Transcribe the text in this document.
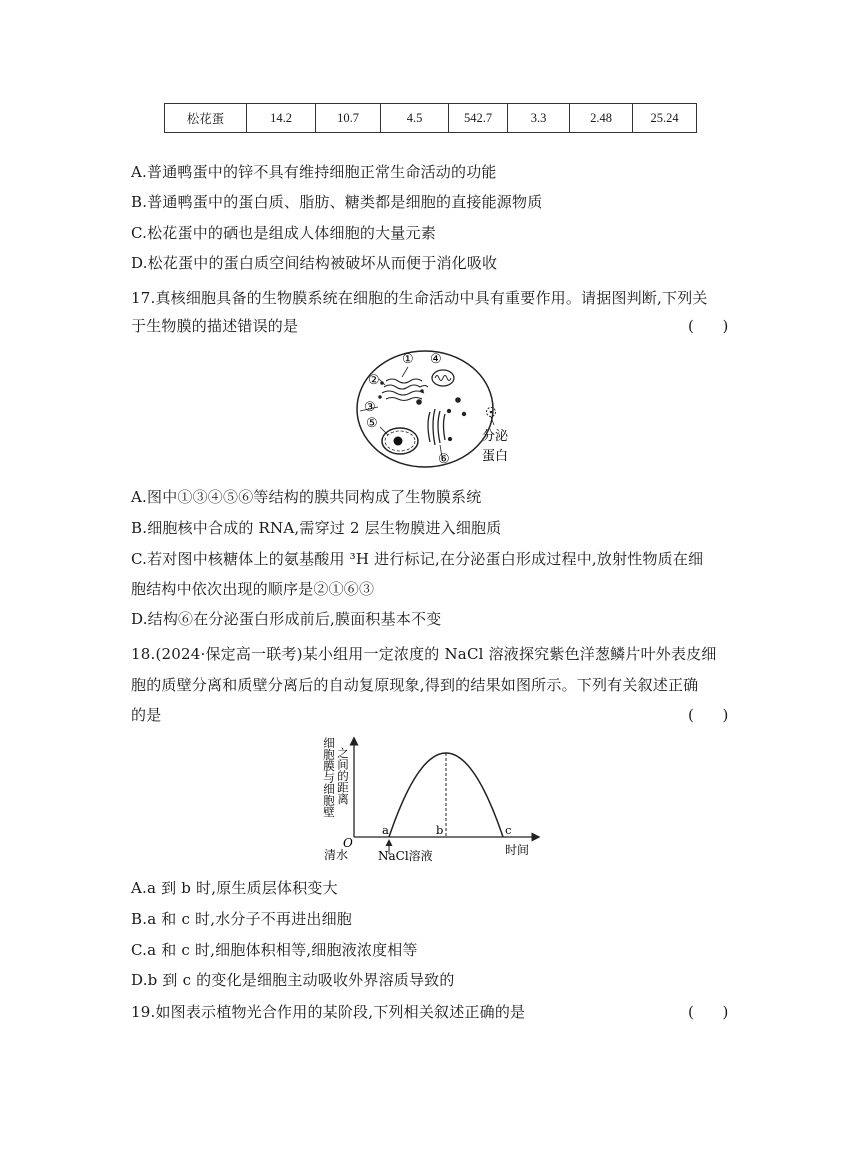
松花蛋	14.2	10.7	4.5	542.7	3.3	2.48	25.24
A.普通鸭蛋中的锌不具有维持细胞正常生命活动的功能
B.普通鸭蛋中的蛋白质、脂肪、糖类都是细胞的直接能源物质
C.松花蛋中的硒也是组成人体细胞的大量元素
D.松花蛋中的蛋白质空间结构被破坏从而便于消化吸收
17.真核细胞具备的生物膜系统在细胞的生命活动中具有重要作用。请据图判断,下列关
于生物膜的描述错误的是	(      )
① ④
②
③
⑤
⑥
分泌
蛋白
A.图中①③④⑤⑥等结构的膜共同构成了生物膜系统
B.细胞核中合成的 RNA,需穿过 2 层生物膜进入细胞质
C.若对图中核糖体上的氨基酸用 ³H 进行标记,在分泌蛋白形成过程中,放射性物质在细
胞结构中依次出现的顺序是②①⑥③
D.结构⑥在分泌蛋白形成前后,膜面积基本不变
18.(2024·保定高一联考)某小组用一定浓度的 NaCl 溶液探究紫色洋葱鳞片叶外表皮细
胞的质壁分离和质壁分离后的自动复原现象,得到的结果如图所示。下列有关叙述正确
的是	(      )
细胞膜与细胞壁 之间的距离
O
a	b	c
清水 NaCl溶液	时间
A.a 到 b 时,原生质层体积变大
B.a 和 c 时,水分子不再进出细胞
C.a 和 c 时,细胞体积相等,细胞液浓度相等
D.b 到 c 的变化是细胞主动吸收外界溶质导致的
19.如图表示植物光合作用的某阶段,下列相关叙述正确的是	(      )
